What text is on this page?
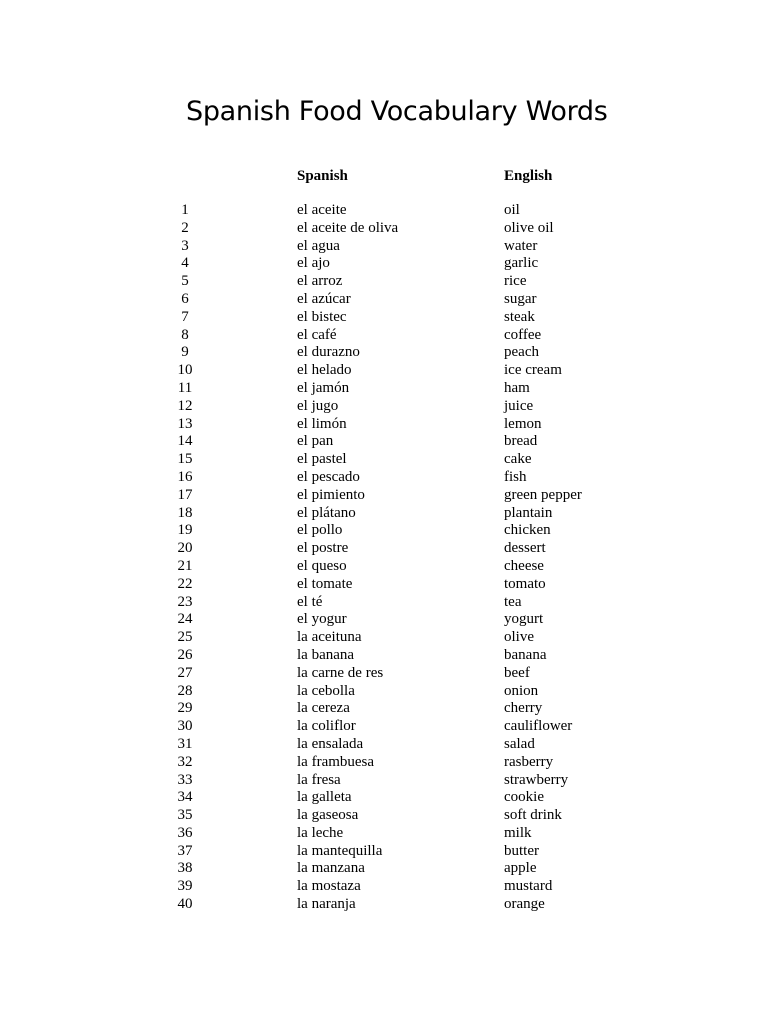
Spanish Food Vocabulary Words
Spanish	English
1	el aceite	oil
2	el aceite de oliva	olive oil
3	el agua	water
4	el ajo	garlic
5	el arroz	rice
6	el azúcar	sugar
7	el bistec	steak
8	el café	coffee
9	el durazno	peach
10	el helado	ice cream
11	el jamón	ham
12	el jugo	juice
13	el limón	lemon
14	el pan	bread
15	el pastel	cake
16	el pescado	fish
17	el pimiento	green pepper
18	el plátano	plantain
19	el pollo	chicken
20	el postre	dessert
21	el queso	cheese
22	el tomate	tomato
23	el té	tea
24	el yogur	yogurt
25	la aceituna	olive
26	la banana	banana
27	la carne de res	beef
28	la cebolla	onion
29	la cereza	cherry
30	la coliflor	cauliflower
31	la ensalada	salad
32	la frambuesa	rasberry
33	la fresa	strawberry
34	la galleta	cookie
35	la gaseosa	soft drink
36	la leche	milk
37	la mantequilla	butter
38	la manzana	apple
39	la mostaza	mustard
40	la naranja	orange
